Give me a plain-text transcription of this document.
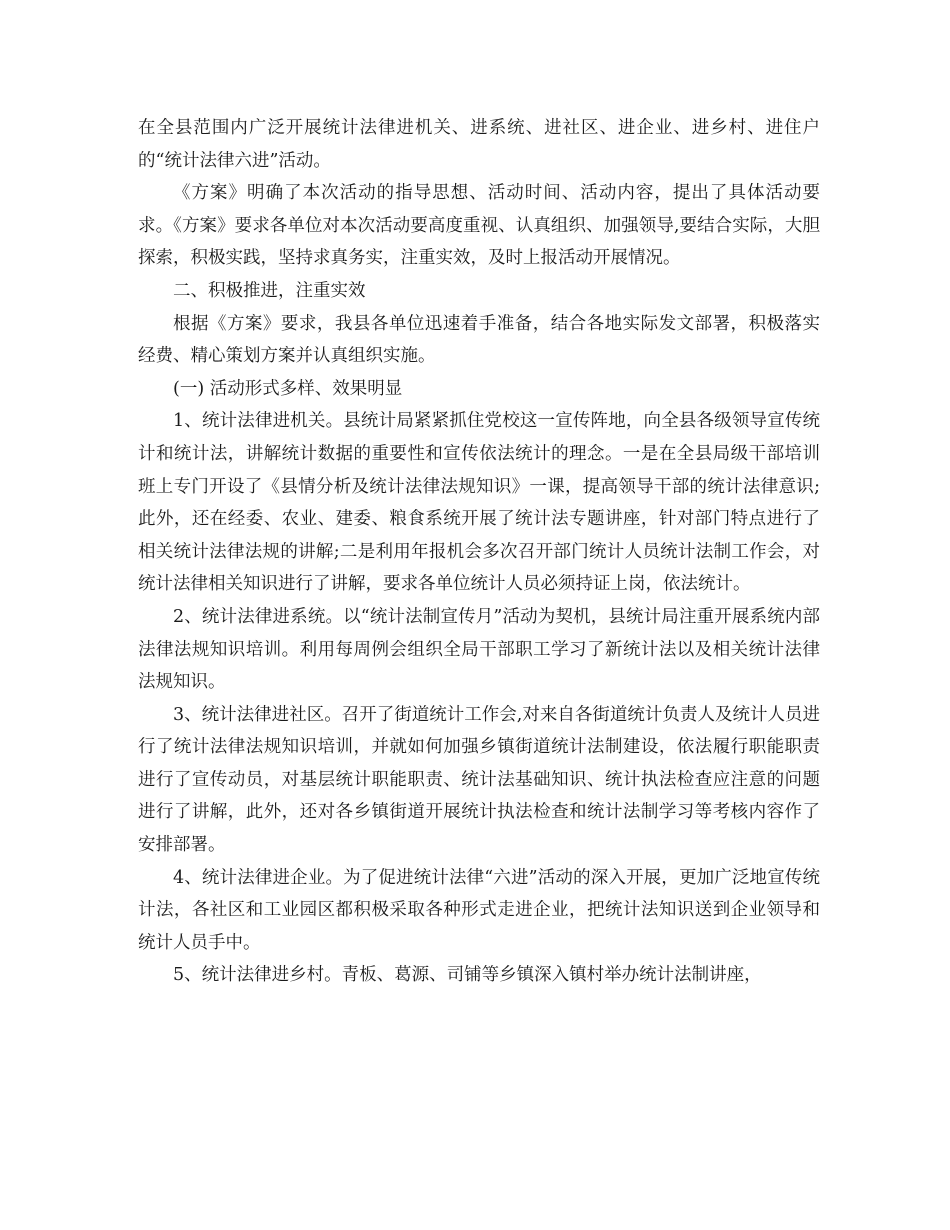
在全县范围内广泛开展统计法律进机关、进系统、进社区、进企业、进乡村、进住户的“统计法律六进”活动。

《方案》明确了本次活动的指导思想、活动时间、活动内容，提出了具体活动要求。《方案》要求各单位对本次活动要高度重视、认真组织、加强领导,要结合实际，大胆探索，积极实践，坚持求真务实，注重实效，及时上报活动开展情况。

二、积极推进，注重实效

根据《方案》要求，我县各单位迅速着手准备，结合各地实际发文部署，积极落实经费、精心策划方案并认真组织实施。

(一) 活动形式多样、效果明显

1、统计法律进机关。县统计局紧紧抓住党校这一宣传阵地，向全县各级领导宣传统计和统计法，讲解统计数据的重要性和宣传依法统计的理念。一是在全县局级干部培训班上专门开设了《县情分析及统计法律法规知识》一课，提高领导干部的统计法律意识;此外，还在经委、农业、建委、粮食系统开展了统计法专题讲座，针对部门特点进行了相关统计法律法规的讲解;二是利用年报机会多次召开部门统计人员统计法制工作会，对统计法律相关知识进行了讲解，要求各单位统计人员必须持证上岗，依法统计。

2、统计法律进系统。以“统计法制宣传月”活动为契机，县统计局注重开展系统内部法律法规知识培训。利用每周例会组织全局干部职工学习了新统计法以及相关统计法律法规知识。

3、统计法律进社区。召开了街道统计工作会,对来自各街道统计负责人及统计人员进行了统计法律法规知识培训，并就如何加强乡镇街道统计法制建设，依法履行职能职责进行了宣传动员，对基层统计职能职责、统计法基础知识、统计执法检查应注意的问题进行了讲解，此外，还对各乡镇街道开展统计执法检查和统计法制学习等考核内容作了安排部署。

4、统计法律进企业。为了促进统计法律“六进”活动的深入开展，更加广泛地宣传统计法，各社区和工业园区都积极采取各种形式走进企业，把统计法知识送到企业领导和统计人员手中。

5、统计法律进乡村。青板、葛源、司铺等乡镇深入镇村举办统计法制讲座，
